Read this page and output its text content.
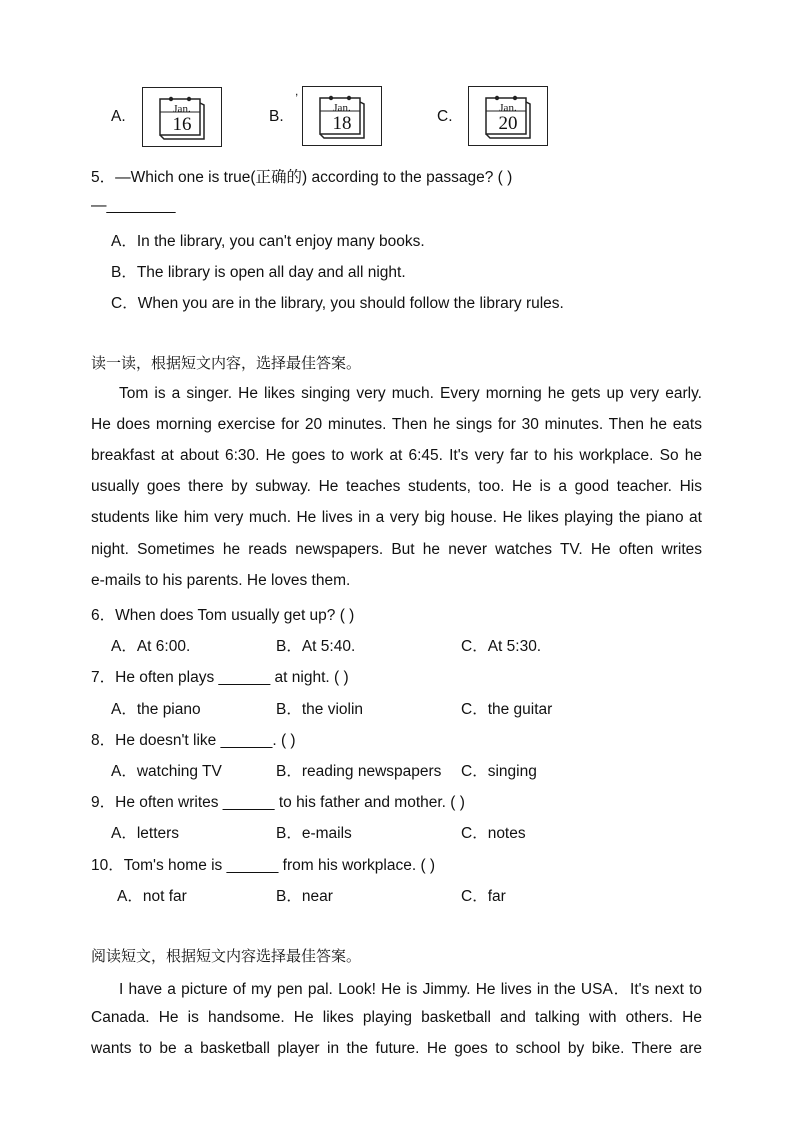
A.	Jan.
16	B.
,
Jan.
18	C.	Jan.
20
5．—Which one is true(正确的) according to the passage? ( )
—________
A．In the library, you can't enjoy many books.
B．The library is open all day and all night.
C．When you are in the library, you should follow the library rules.
读一读，根据短文内容，选择最佳答案。
Tom is a singer. He likes singing very much. Every morning he gets up very early.
He does morning exercise for 20 minutes. Then he sings for 30 minutes. Then he eats
breakfast at about 6:30. He goes to work at 6:45. It's very far to his workplace. So he
usually goes there by subway. He teaches students, too. He is a good teacher. His
students like him very much. He lives in a very big house. He likes playing the piano at
night. Sometimes he reads newspapers. But he never watches TV. He often writes
e-mails to his parents. He loves them.
6．When does Tom usually get up? ( )
A．At 6:00.	B．At 5:40.	C．At 5:30.
7．He often plays ______ at night. ( )
A．the piano	B．the violin	C．the guitar
8．He doesn't like ______. ( )
A．watching TV	B．reading newspapers C．singing
9．He often writes ______ to his father and mother. ( )
A．letters	B．e-mails	C．notes
10．Tom's home is ______ from his workplace. ( )
A．not far	B．near	C．far
阅读短文，根据短文内容选择最佳答案。
I have a picture of my pen pal. Look! He is Jimmy. He lives in the USA．It's next to
Canada. He is handsome. He likes playing basketball and talking with others. He
wants to be a basketball player in the future. He goes to school by bike. There are
